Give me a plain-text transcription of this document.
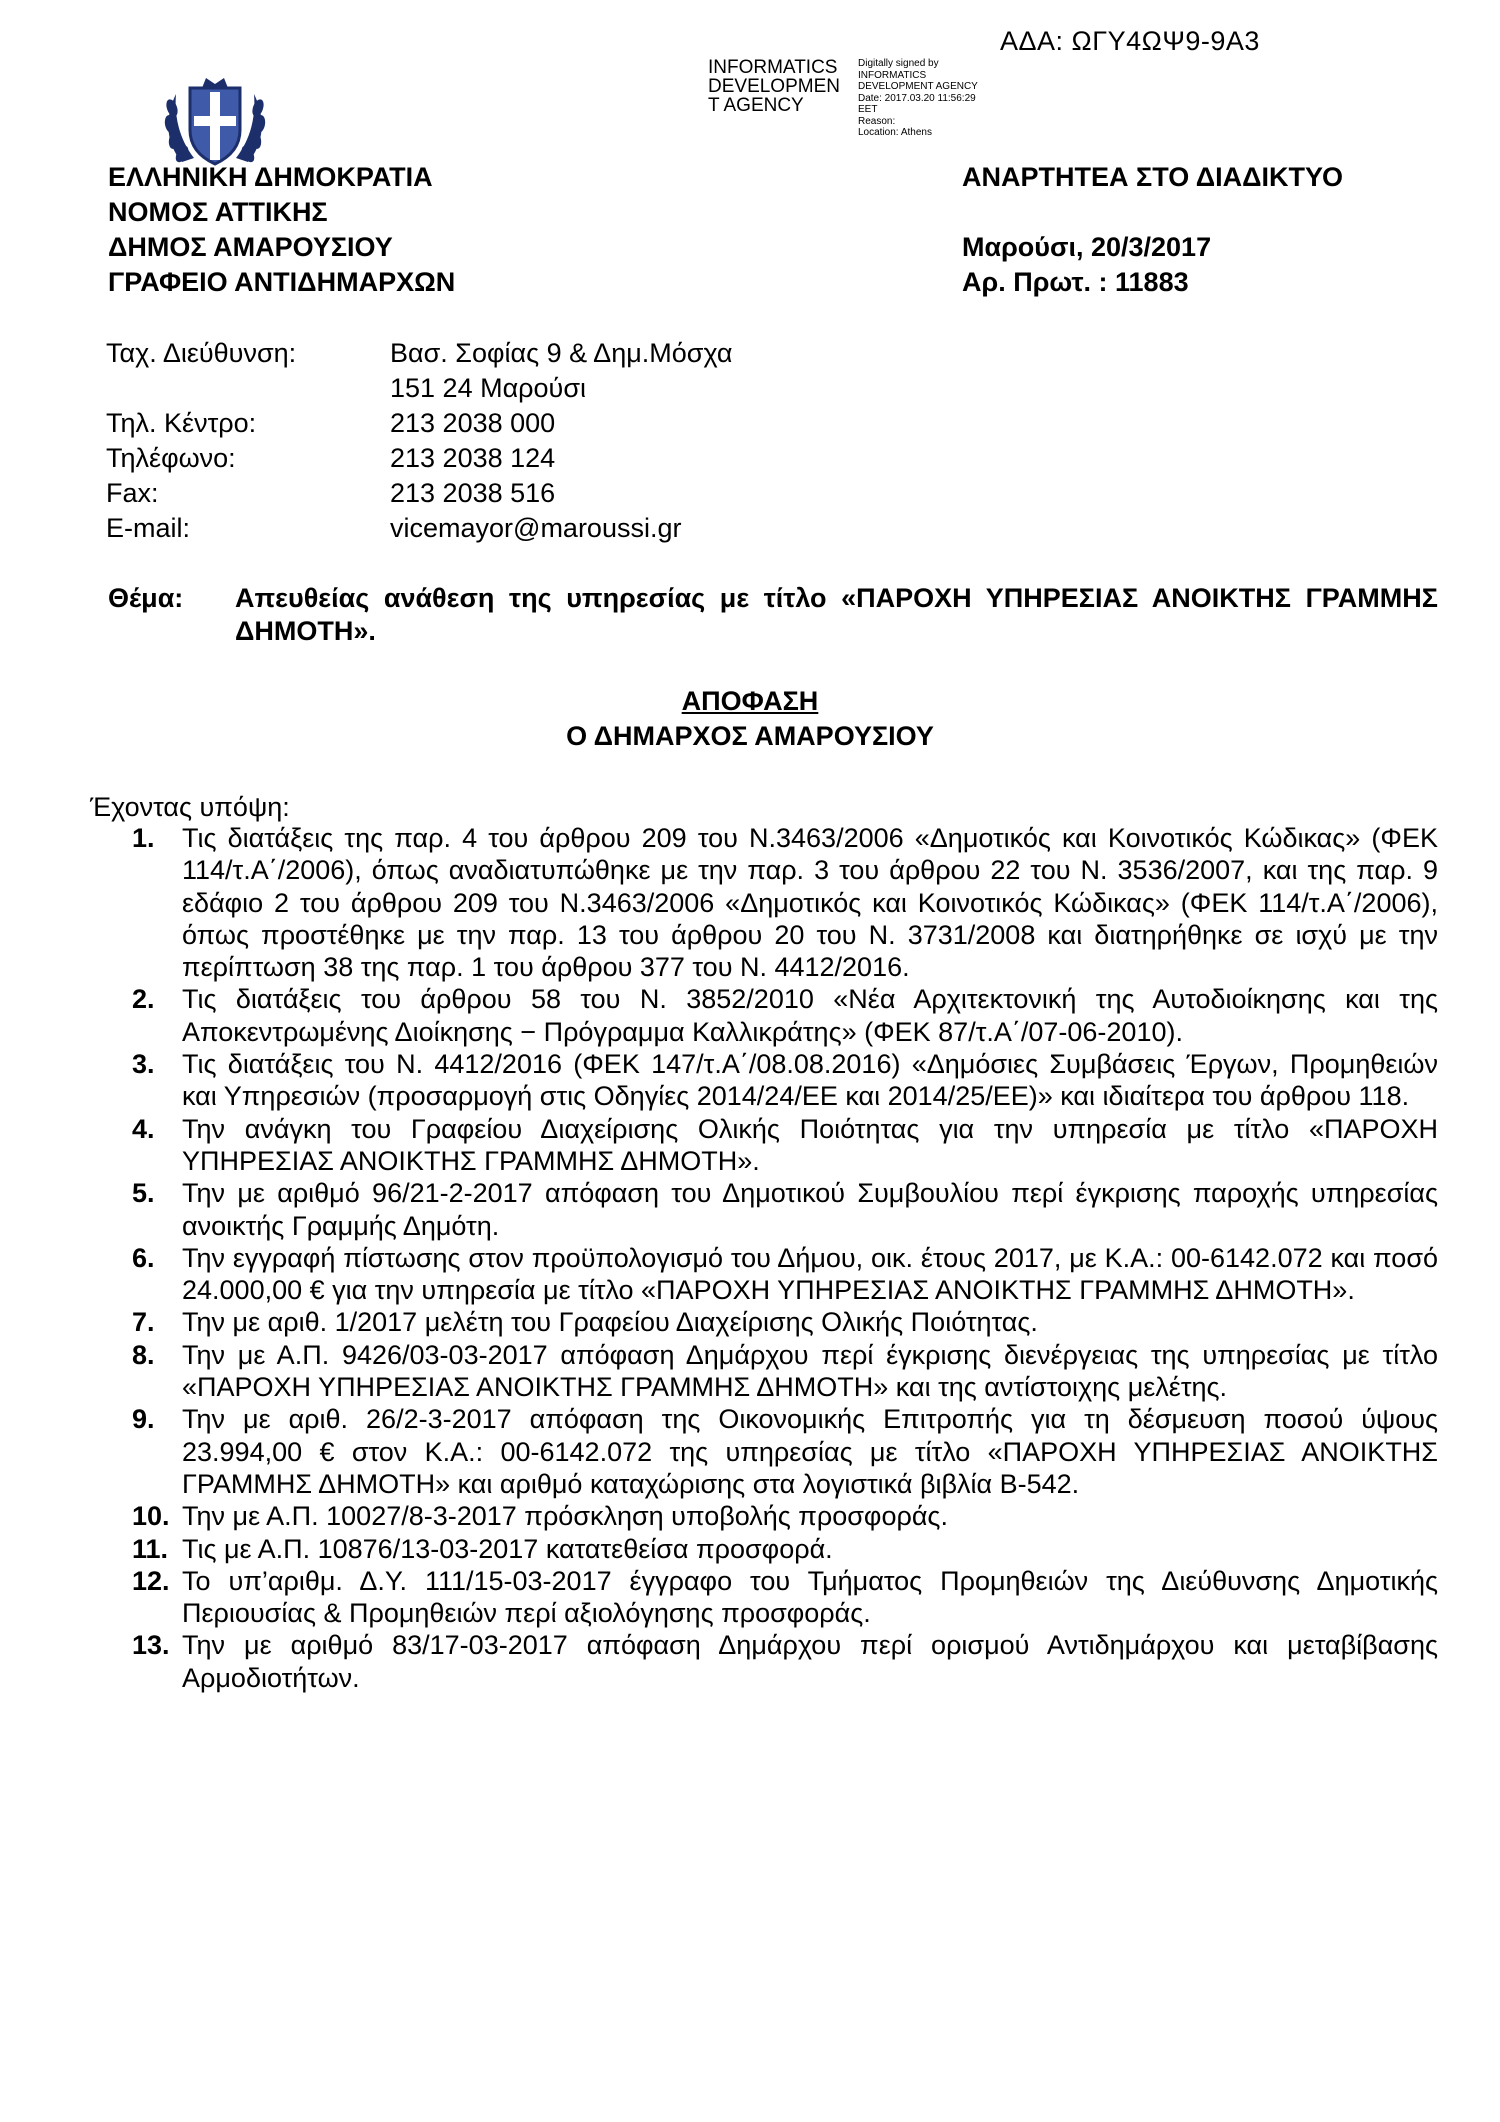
ΑΔΑ: ΩΓΥ4ΩΨ9-9Α3
INFORMATICS
DEVELOPMEN
T AGENCY
Digitally signed by
INFORMATICS
DEVELOPMENT AGENCY
Date: 2017.03.20 11:56:29
EET
Reason:
Location: Athens
ΕΛΛΗΝΙΚΗ ΔΗΜΟΚΡΑΤΙΑ
ΝΟΜΟΣ ΑΤΤΙΚΗΣ
ΔΗΜΟΣ ΑΜΑΡΟΥΣΙΟΥ
ΓΡΑΦΕΙΟ ΑΝΤΙΔΗΜΑΡΧΩΝ
ΑΝΑΡΤΗΤΕΑ ΣΤΟ ΔΙΑΔΙΚΤΥΟ
Μαρούσι, 20/3/2017
Αρ. Πρωτ. : 11883
Ταχ. Διεύθυνση:	Βασ. Σοφίας 9 & Δημ.Μόσχα
151 24 Μαρούσι
Τηλ. Κέντρο:	213 2038 000
Τηλέφωνο:	213 2038 124
Fax:	213 2038 516
E-mail:	vicemayor@maroussi.gr
Θέμα: Απευθείας ανάθεση της υπηρεσίας με τίτλο «ΠΑΡΟΧΗ ΥΠΗΡΕΣΙΑΣ ΑΝΟΙΚΤΗΣ ΓΡΑΜΜΗΣ ΔΗΜΟΤΗ».
ΑΠΟΦΑΣΗ
Ο ΔΗΜΑΡΧΟΣ ΑΜΑΡΟΥΣΙΟΥ
Έχοντας υπόψη:
1.	Τις διατάξεις της παρ. 4 του άρθρου 209 του Ν.3463/2006 «Δημοτικός και Κοινοτικός Κώδικας» (ΦΕΚ 114/τ.Α΄/2006), όπως αναδιατυπώθηκε με την παρ. 3 του άρθρου 22 του Ν. 3536/2007, και της παρ. 9 εδάφιο 2 του άρθρου 209 του Ν.3463/2006 «Δημοτικός και Κοινοτικός Κώδικας» (ΦΕΚ 114/τ.Α΄/2006), όπως προστέθηκε με την παρ. 13 του άρθρου 20 του Ν. 3731/2008 και διατηρήθηκε σε ισχύ με την περίπτωση 38 της παρ. 1 του άρθρου 377 του Ν. 4412/2016.
2.	Τις διατάξεις του άρθρου 58 του Ν. 3852/2010 «Νέα Αρχιτεκτονική της Αυτοδιοίκησης και της Αποκεντρωμένης Διοίκησης − Πρόγραμμα Καλλικράτης» (ΦΕΚ 87/τ.Α΄/07-06-2010).
3.	Τις διατάξεις του Ν. 4412/2016 (ΦΕΚ 147/τ.Α΄/08.08.2016) «Δημόσιες Συμβάσεις Έργων, Προμηθειών και Υπηρεσιών (προσαρμογή στις Οδηγίες 2014/24/ΕΕ και 2014/25/ΕΕ)» και ιδιαίτερα του άρθρου 118.
4.	Την ανάγκη του Γραφείου Διαχείρισης Ολικής Ποιότητας για την υπηρεσία με τίτλο «ΠΑΡΟΧΗ ΥΠΗΡΕΣΙΑΣ ΑΝΟΙΚΤΗΣ ΓΡΑΜΜΗΣ ΔΗΜΟΤΗ».
5.	Την με αριθμό 96/21-2-2017 απόφαση του Δημοτικού Συμβουλίου περί έγκρισης παροχής υπηρεσίας ανοικτής Γραμμής Δημότη.
6.	Την εγγραφή πίστωσης στον προϋπολογισμό του Δήμου, οικ. έτους 2017, με Κ.Α.: 00-6142.072 και ποσό 24.000,00 € για την υπηρεσία με τίτλο «ΠΑΡΟΧΗ ΥΠΗΡΕΣΙΑΣ ΑΝΟΙΚΤΗΣ ΓΡΑΜΜΗΣ ΔΗΜΟΤΗ».
7.	Την με αριθ. 1/2017 μελέτη του Γραφείου Διαχείρισης Ολικής Ποιότητας.
8.	Την με Α.Π. 9426/03-03-2017 απόφαση Δημάρχου περί έγκρισης διενέργειας της υπηρεσίας με τίτλο «ΠΑΡΟΧΗ ΥΠΗΡΕΣΙΑΣ ΑΝΟΙΚΤΗΣ ΓΡΑΜΜΗΣ ΔΗΜΟΤΗ» και της αντίστοιχης μελέτης.
9.	Την με αριθ. 26/2-3-2017 απόφαση της Οικονομικής Επιτροπής για τη δέσμευση ποσού ύψους 23.994,00 € στον Κ.Α.: 00-6142.072 της υπηρεσίας με τίτλο «ΠΑΡΟΧΗ ΥΠΗΡΕΣΙΑΣ ΑΝΟΙΚΤΗΣ ΓΡΑΜΜΗΣ ΔΗΜΟΤΗ» και αριθμό καταχώρισης στα λογιστικά βιβλία Β-542.
10. Την με Α.Π. 10027/8-3-2017 πρόσκληση υποβολής προσφοράς.
11. Τις με Α.Π. 10876/13-03-2017 κατατεθείσα προσφορά.
12. Το υπ’αριθμ. Δ.Υ. 111/15-03-2017 έγγραφο του Τμήματος Προμηθειών της Διεύθυνσης Δημοτικής Περιουσίας & Προμηθειών περί αξιολόγησης προσφοράς.
13. Την με αριθμό 83/17-03-2017 απόφαση Δημάρχου περί ορισμού Αντιδημάρχου και μεταβίβασης Αρμοδιοτήτων.
